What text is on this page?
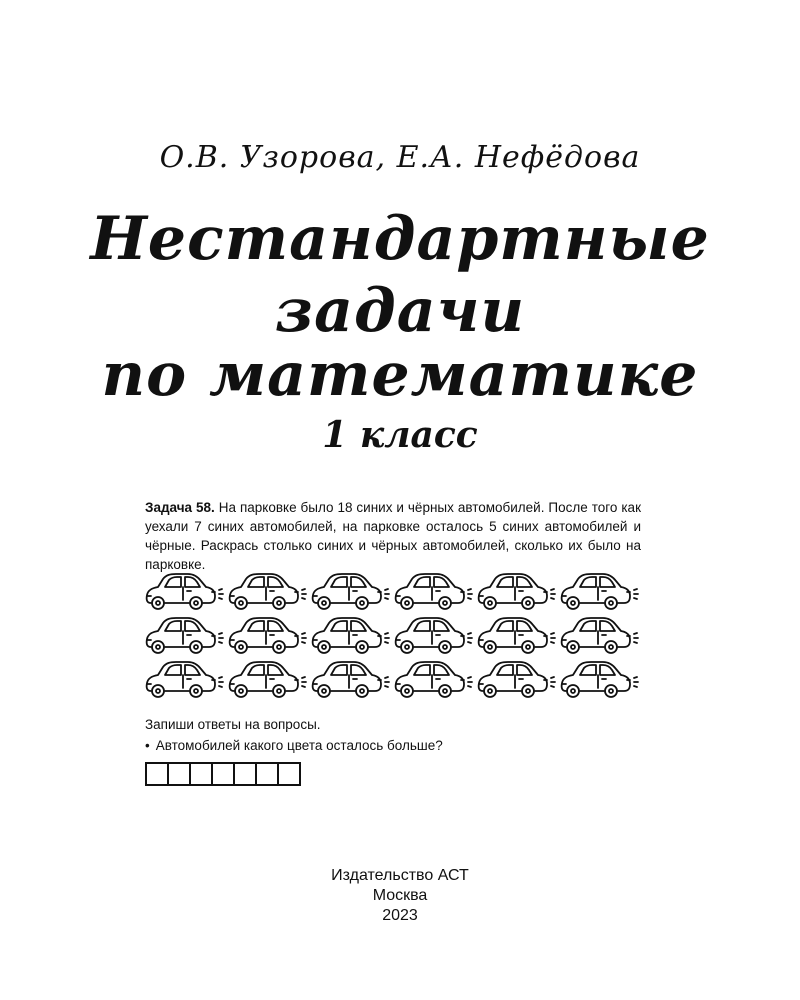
О.В. Узорова, Е.А. Нефёдова
Нестандартные
задачи
по математике
1 класс
Задача 58. На парковке было 18 синих и чёрных автомобилей. После того как уехали 7 синих автомобилей, на парковке осталось 5 синих автомобилей и чёрные. Раскрась столько синих и чёрных автомобилей, сколько их было на парковке.
Запиши ответы на вопросы.
• Автомобилей какого цвета осталось больше?
Издательство АСТ
Москва
2023
